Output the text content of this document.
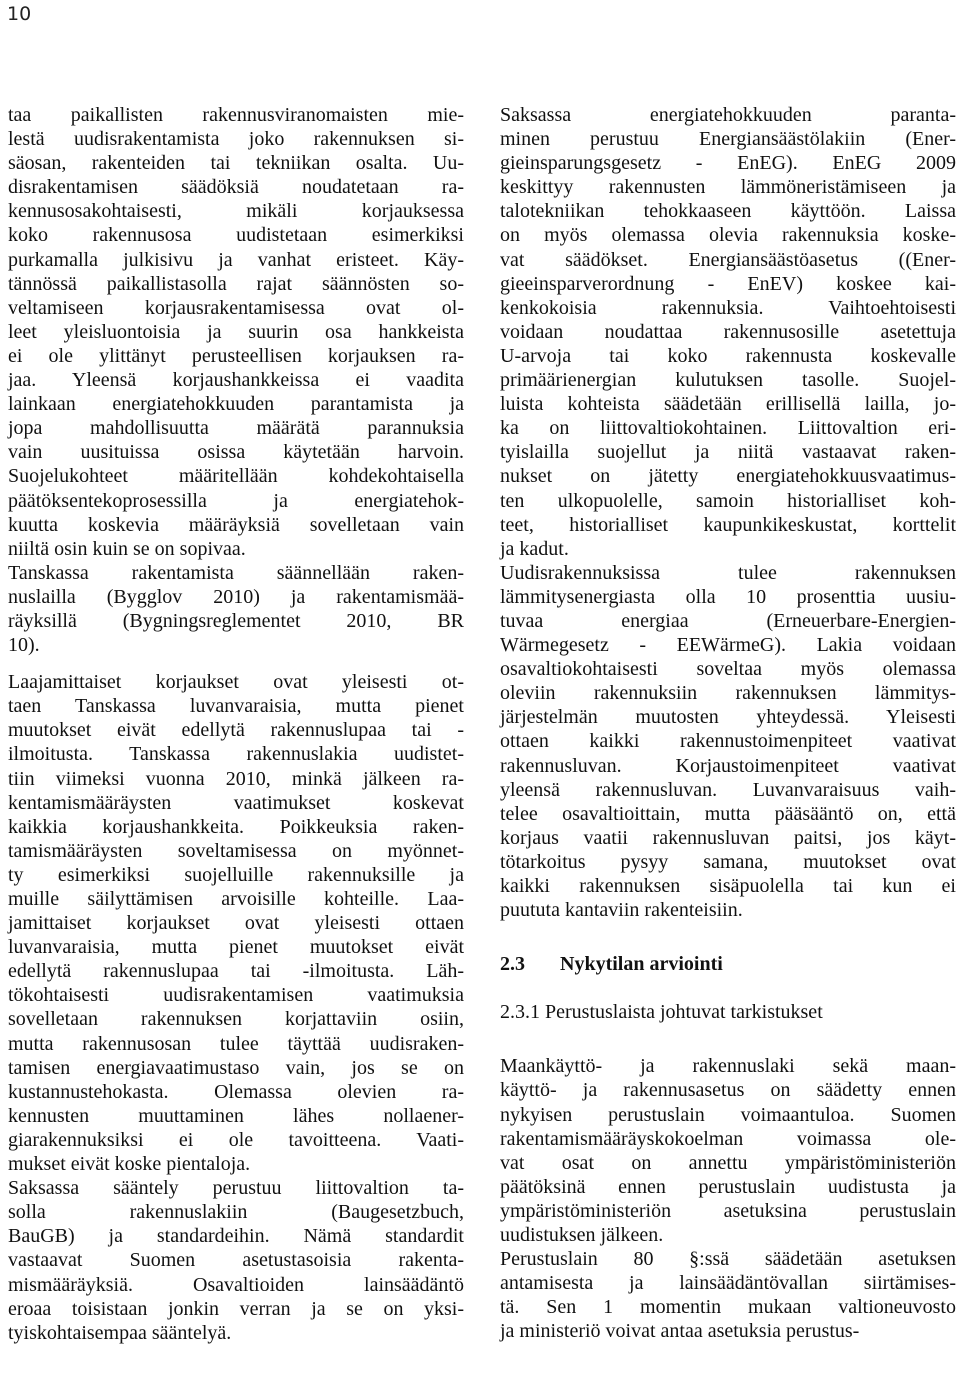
10
taa paikallisten rakennusviranomaisten mie-
lestä uudisrakentamista joko rakennuksen si-
säosan, rakenteiden tai tekniikan osalta. Uu-
disrakentamisen säädöksiä noudatetaan ra-
kennusosakohtaisesti, mikäli korjauksessa
koko rakennusosa uudistetaan esimerkiksi
purkamalla julkisivu ja vanhat eristeet. Käy-
tännössä paikallistasolla rajat säännösten so-
veltamiseen korjausrakentamisessa ovat ol-
leet yleisluontoisia ja suurin osa hankkeista
ei ole ylittänyt perusteellisen korjauksen ra-
jaa. Yleensä korjaushankkeissa ei vaadita
lainkaan energiatehokkuuden parantamista ja
jopa mahdollisuutta määrätä parannuksia
vain uusituissa osissa käytetään harvoin.
Suojelukohteet määritellään kohdekohtaisella
päätöksentekoprosessilla ja energiatehok-
kuutta koskevia määräyksiä sovelletaan vain
niiltä osin kuin se on sopivaa.
Tanskassa rakentamista säännellään raken-
nuslailla (Bygglov 2010) ja rakentamismää-
räyksillä (Bygningsreglementet 2010, BR
10).
Laajamittaiset korjaukset ovat yleisesti ot-
taen Tanskassa luvanvaraisia, mutta pienet
muutokset eivät edellytä rakennuslupaa tai -
ilmoitusta. Tanskassa rakennuslakia uudistet-
tiin viimeksi vuonna 2010, minkä jälkeen ra-
kentamismääräysten vaatimukset koskevat
kaikkia korjaushankkeita. Poikkeuksia raken-
tamismääräysten soveltamisessa on myönnet-
ty esimerkiksi suojelluille rakennuksille ja
muille säilyttämisen arvoisille kohteille. Laa-
jamittaiset korjaukset ovat yleisesti ottaen
luvanvaraisia, mutta pienet muutokset eivät
edellytä rakennuslupaa tai -ilmoitusta. Läh-
tökohtaisesti uudisrakentamisen vaatimuksia
sovelletaan rakennuksen korjattaviin osiin,
mutta rakennusosan tulee täyttää uudisraken-
tamisen energiavaatimustaso vain, jos se on
kustannustehokasta. Olemassa olevien ra-
kennusten muuttaminen lähes nollaener-
giarakennuksiksi ei ole tavoitteena. Vaati-
mukset eivät koske pientaloja.
Saksassa sääntely perustuu liittovaltion ta-
solla rakennuslakiin (Baugesetzbuch,
BauGB) ja standardeihin. Nämä standardit
vastaavat Suomen asetustasoisia rakenta-
mismääräyksiä. Osavaltioiden lainsäädäntö
eroaa toisistaan jonkin verran ja se on yksi-
tyiskohtaisempaa sääntelyä.
Saksassa energiatehokkuuden paranta-
minen perustuu Energiansäästölakiin (Ener-
gieinsparungsgesetz - EnEG). EnEG 2009
keskittyy rakennusten lämmöneristämiseen ja
talotekniikan tehokkaaseen käyttöön. Laissa
on myös olemassa olevia rakennuksia koske-
vat säädökset. Energiansäästöasetus ((Ener-
gieeinsparverordnung - EnEV) koskee kai-
kenkokoisia rakennuksia. Vaihtoehtoisesti
voidaan noudattaa rakennusosille asetettuja
U-arvoja tai koko rakennusta koskevalle
primäärienergian kulutuksen tasolle. Suojel-
luista kohteista säädetään erillisellä lailla, jo-
ka on liittovaltiokohtainen. Liittovaltion eri-
tyislailla suojellut ja niitä vastaavat raken-
nukset on jätetty energiatehokkuusvaatimus-
ten ulkopuolelle, samoin historialliset koh-
teet, historialliset kaupunkikeskustat, korttelit
ja kadut.
Uudisrakennuksissa tulee rakennuksen
lämmitysenergiasta olla 10 prosenttia uusiu-
tuvaa energiaa (Erneuerbare-Energien-
Wärmegesetz - EEWärmeG). Lakia voidaan
osavaltiokohtaisesti soveltaa myös olemassa
oleviin rakennuksiin rakennuksen lämmitys-
järjestelmän muutosten yhteydessä. Yleisesti
ottaen kaikki rakennustoimenpiteet vaativat
rakennusluvan. Korjaustoimenpiteet vaativat
yleensä rakennusluvan. Luvanvaraisuus vaih-
telee osavaltioittain, mutta pääsääntö on, että
korjaus vaatii rakennusluvan paitsi, jos käyt-
tötarkoitus pysyy samana, muutokset ovat
kaikki rakennuksen sisäpuolella tai kun ei
puututa kantaviin rakenteisiin.
2.3       Nykytilan arviointi
2.3.1 Perustuslaista johtuvat tarkistukset
Maankäyttö- ja rakennuslaki sekä maan-
käyttö- ja rakennusasetus on säädetty ennen
nykyisen perustuslain voimaantuloa. Suomen
rakentamismääräyskokoelman voimassa ole-
vat osat on annettu ympäristöministeriön
päätöksinä ennen perustuslain uudistusta ja
ympäristöministeriön asetuksina perustuslain
uudistuksen jälkeen.
Perustuslain 80 §:ssä säädetään asetuksen
antamisesta ja lainsäädäntövallan siirtämises-
tä. Sen 1 momentin mukaan valtioneuvosto
ja ministeriö voivat antaa asetuksia perustus-
